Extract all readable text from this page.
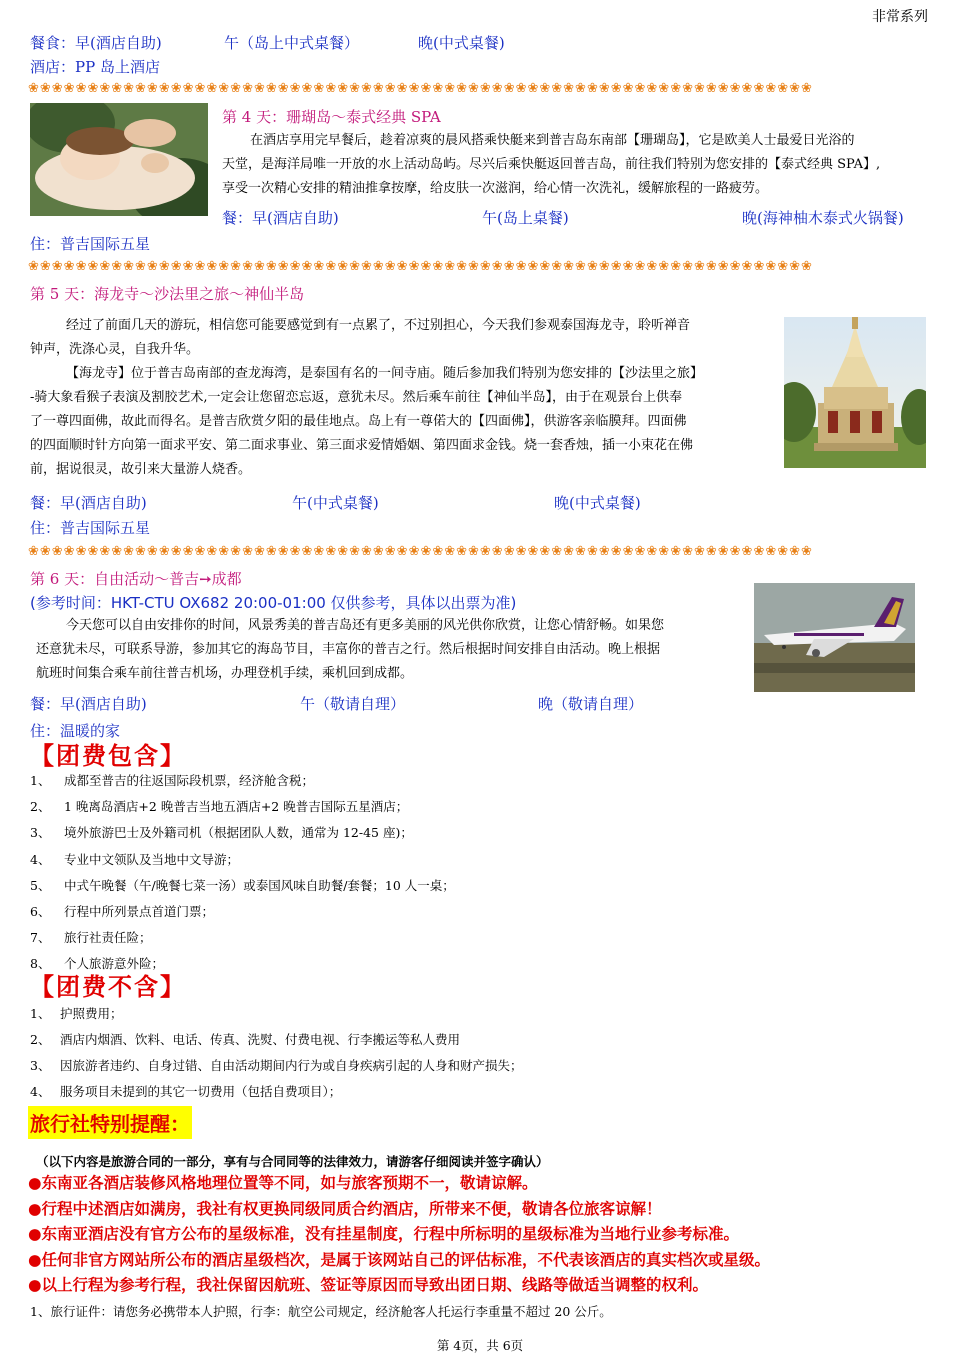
非常系列
餐食：早(酒店自助)	午（岛上中式桌餐）	晚(中式桌餐)
酒店：PP 岛上酒店
❀❀❀❀❀❀❀❀❀❀❀❀❀❀❀❀❀❀❀❀❀❀❀❀❀❀❀❀❀❀❀❀❀❀❀❀❀❀❀❀❀❀❀❀❀❀❀❀❀❀❀❀❀❀❀❀❀❀❀❀❀❀❀❀❀❀
第 4 天：珊瑚岛～泰式经典 SPA
在酒店享用完早餐后，趁着凉爽的晨风搭乘快艇来到普吉岛东南部【珊瑚岛】，它是欧美人士最爱日光浴的
天堂，是海洋局唯一开放的水上活动岛屿。尽兴后乘快艇返回普吉岛，前往我们特别为您安排的【泰式经典 SPA】,
享受一次精心安排的精油推拿按摩，给皮肤一次滋润，给心情一次洗礼，缓解旅程的一路疲劳。
餐：早(酒店自助)	午(岛上桌餐)	晚(海神柚木泰式火锅餐)
住：普吉国际五星
❀❀❀❀❀❀❀❀❀❀❀❀❀❀❀❀❀❀❀❀❀❀❀❀❀❀❀❀❀❀❀❀❀❀❀❀❀❀❀❀❀❀❀❀❀❀❀❀❀❀❀❀❀❀❀❀❀❀❀❀❀❀❀❀❀❀
第 5 天：海龙寺～沙法里之旅～神仙半岛
经过了前面几天的游玩，相信您可能要感觉到有一点累了，不过别担心，今天我们参观泰国海龙寺，聆听禅音
钟声，洗涤心灵，自我升华。
【海龙寺】位于普吉岛南部的查龙海湾，是泰国有名的一间寺庙。随后参加我们特别为您安排的【沙法里之旅】
-骑大象看猴子表演及割胶艺术,一定会让您留恋忘返，意犹未尽。然后乘车前往【神仙半岛】，由于在观景台上供奉
了一尊四面佛，故此而得名。是普吉欣赏夕阳的最佳地点。岛上有一尊偌大的【四面佛】，供游客亲临膜拜。四面佛
的四面顺时针方向第一面求平安、第二面求事业、第三面求爱情婚姻、第四面求金钱。烧一套香烛，插一小束花在佛
前，据说很灵，故引来大量游人烧香。
餐：早(酒店自助)	午(中式桌餐)	晚(中式桌餐)
住：普吉国际五星
❀❀❀❀❀❀❀❀❀❀❀❀❀❀❀❀❀❀❀❀❀❀❀❀❀❀❀❀❀❀❀❀❀❀❀❀❀❀❀❀❀❀❀❀❀❀❀❀❀❀❀❀❀❀❀❀❀❀❀❀❀❀❀❀❀❀
第 6 天：自由活动～普吉➙成都
(参考时间：HKT-CTU OX682 20:00-01:00 仅供参考，具体以出票为准)
今天您可以自由安排你的时间，风景秀美的普吉岛还有更多美丽的风光供你欣赏，让您心情舒畅。如果您
还意犹未尽，可联系导游，参加其它的海岛节目，丰富你的普吉之行。然后根据时间安排自由活动。晚上根据
航班时间集合乘车前往普吉机场，办理登机手续，乘机回到成都。
餐：早(酒店自助)	午（敬请自理）	晚（敬请自理）
住：温暖的家
【团费包含】
1、 成都至普吉的往返国际段机票，经济舱含税；
2、 1 晚离岛酒店+2 晚普吉当地五酒店+2 晚普吉国际五星酒店；
3、 境外旅游巴士及外籍司机（根据团队人数，通常为 12-45 座)；
4、 专业中文领队及当地中文导游；
5、 中式午晚餐（午/晚餐七菜一汤）或泰国风味自助餐/套餐；10 人一桌；
6、 行程中所列景点首道门票；
7、 旅行社责任险；
8、 个人旅游意外险；
【团费不含】
1、 护照费用；
2、 酒店内烟酒、饮料、电话、传真、洗熨、付费电视、行李搬运等私人费用
3、 因旅游者违约、自身过错、自由活动期间内行为或自身疾病引起的人身和财产损失；
4、 服务项目未提到的其它一切费用（包括自费项目）；
旅行社特别提醒：
（以下内容是旅游合同的一部分，享有与合同同等的法律效力，请游客仔细阅读并签字确认）
●东南亚各酒店装修风格地理位置等不同，如与旅客预期不一，敬请谅解。
●行程中述酒店如满房，我社有权更换同级同质合约酒店，所带来不便，敬请各位旅客谅解！
●东南亚酒店没有官方公布的星级标准，没有挂星制度，行程中所标明的星级标准为当地行业参考标准。
●任何非官方网站所公布的酒店星级档次，是属于该网站自己的评估标准，不代表该酒店的真实档次或星级。
●以上行程为参考行程，我社保留因航班、签证等原因而导致出团日期、线路等做适当调整的权利。
1、旅行证件：请您务必携带本人护照，行李：航空公司规定，经济舱客人托运行李重量不超过 20 公斤。
第 4页，共 6页
